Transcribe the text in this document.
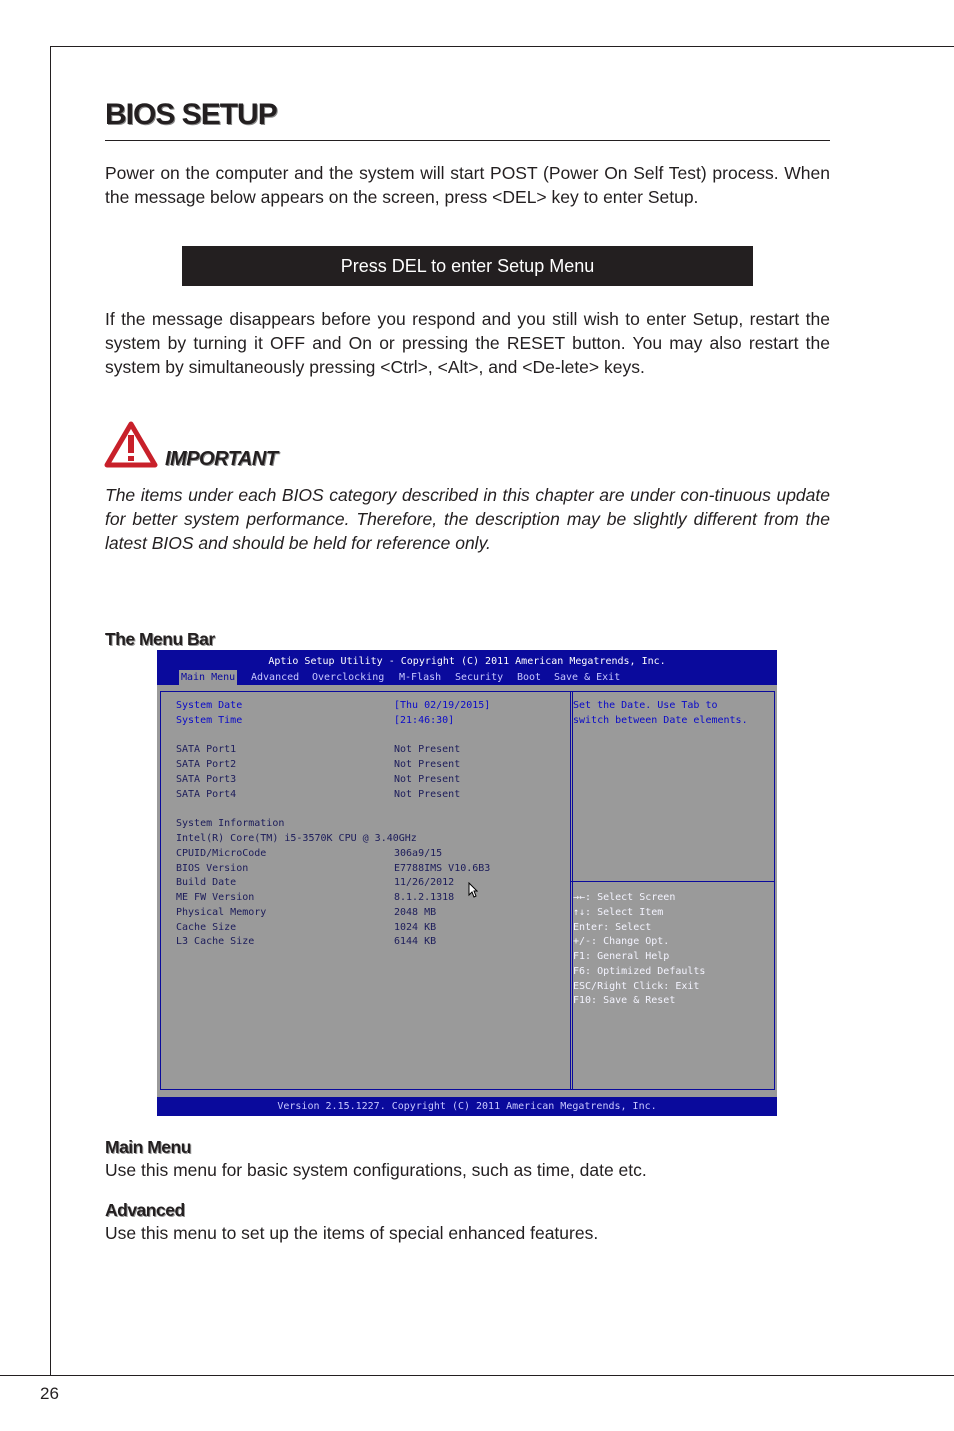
BIOS SETUP

Power on the computer and the system will start POST (Power On Self Test) process. When the message below appears on the screen, press <DEL> key to enter Setup.

Press DEL to enter Setup Menu

If the message disappears before you respond and you still wish to enter Setup, restart the system by turning it OFF and On or pressing the RESET button. You may also restart the system by simultaneously pressing <Ctrl>, <Alt>, and <De-lete> keys.

IMPORTANT

The items under each BIOS category described in this chapter are under con-tinuous update for better system performance. Therefore, the description may be slightly different from the latest BIOS and should be held for reference only.

The Menu Bar
Aptio Setup Utility - Copyright (C) 2011 American Megatrends, Inc.
Main Menu Advanced Overclocking M-Flash Security Boot Save & Exit
System Date	[Thu 02/19/2015]
System Time	[21:46:30]
SATA Port1	Not Present
SATA Port2	Not Present
SATA Port3	Not Present
SATA Port4	Not Present
System Information
Intel(R) Core(TM) i5-3570K CPU @ 3.40GHz
CPUID/MicroCode	306a9/15
BIOS Version	E7788IMS V10.6B3
Build Date	11/26/2012
ME FW Version	8.1.2.1318
Physical Memory	2048 MB
Cache Size	1024 KB
L3 Cache Size	6144 KB
Set the Date. Use Tab to
switch between Date elements.
→←: Select Screen
↑↓: Select Item
Enter: Select
+/-: Change Opt.
F1: General Help
F6: Optimized Defaults
ESC/Right Click: Exit
F10: Save & Reset
Version 2.15.1227. Copyright (C) 2011 American Megatrends, Inc.
Main Menu
Use this menu for basic system configurations, such as time, date etc.
Advanced
Use this menu to set up the items of special enhanced features.
26
